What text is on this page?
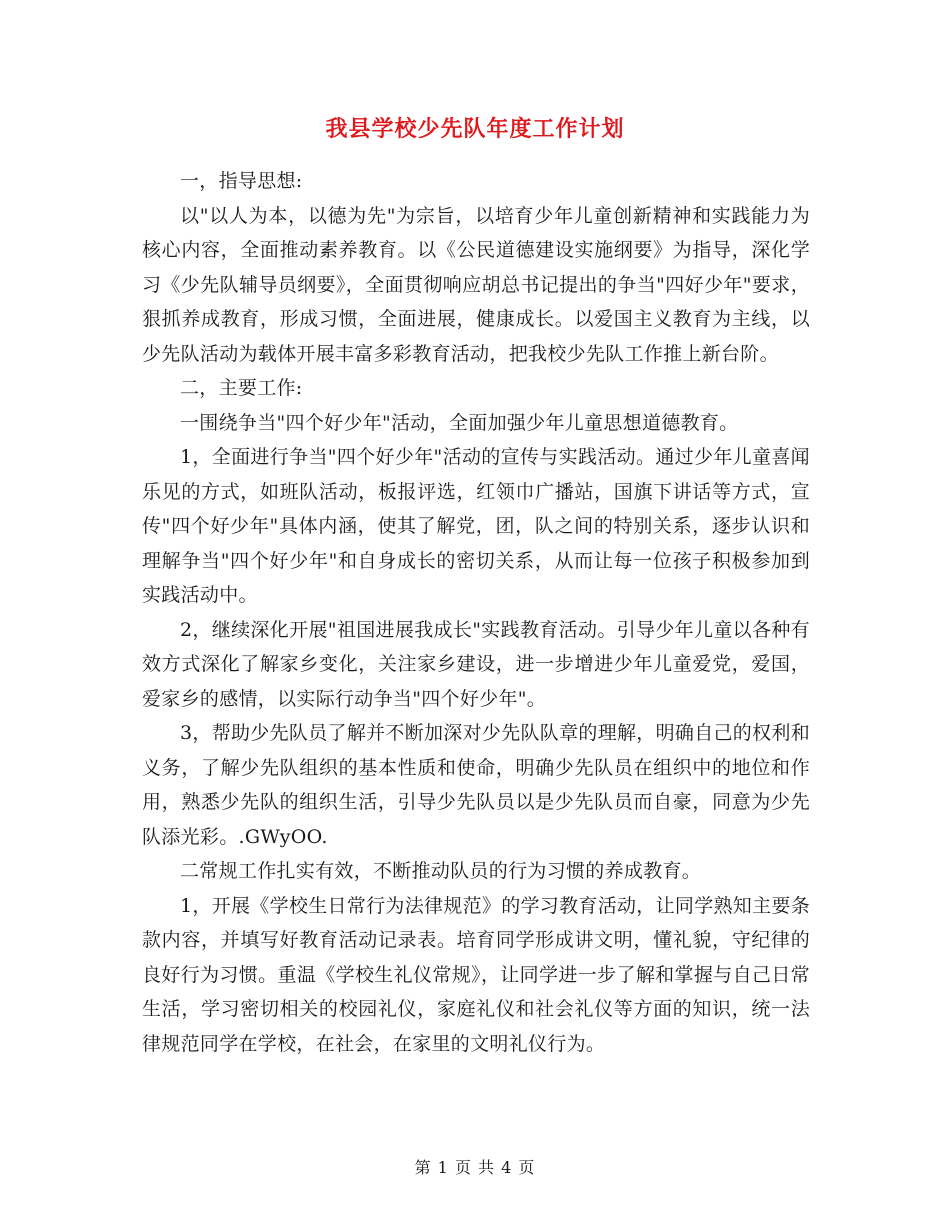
我县学校少先队年度工作计划

一，指导思想:

以"以人为本，以德为先"为宗旨，以培育少年儿童创新精神和实践能力为核心内容，全面推动素养教育。以《公民道德建设实施纲要》为指导，深化学习《少先队辅导员纲要》，全面贯彻响应胡总书记提出的争当"四好少年"要求，狠抓养成教育，形成习惯，全面进展，健康成长。以爱国主义教育为主线，以少先队活动为载体开展丰富多彩教育活动，把我校少先队工作推上新台阶。

二，主要工作:

一围绕争当"四个好少年"活动，全面加强少年儿童思想道德教育。

1，全面进行争当"四个好少年"活动的宣传与实践活动。通过少年儿童喜闻乐见的方式，如班队活动，板报评选，红领巾广播站，国旗下讲话等方式，宣传"四个好少年"具体内涵，使其了解党，团，队之间的特别关系，逐步认识和理解争当"四个好少年"和自身成长的密切关系，从而让每一位孩子积极参加到实践活动中。

2，继续深化开展"祖国进展我成长"实践教育活动。引导少年儿童以各种有效方式深化了解家乡变化，关注家乡建设，进一步增进少年儿童爱党，爱国，爱家乡的感情，以实际行动争当"四个好少年"。

3，帮助少先队员了解并不断加深对少先队队章的理解，明确自己的权利和义务，了解少先队组织的基本性质和使命，明确少先队员在组织中的地位和作用，熟悉少先队的组织生活，引导少先队员以是少先队员而自豪，同意为少先队添光彩。.GWyOO.

二常规工作扎实有效，不断推动队员的行为习惯的养成教育。

1，开展《学校生日常行为法律规范》的学习教育活动，让同学熟知主要条款内容，并填写好教育活动记录表。培育同学形成讲文明，懂礼貌，守纪律的良好行为习惯。重温《学校生礼仪常规》，让同学进一步了解和掌握与自己日常生活，学习密切相关的校园礼仪，家庭礼仪和社会礼仪等方面的知识，统一法律规范同学在学校，在社会，在家里的文明礼仪行为。

第 1 页 共 4 页
